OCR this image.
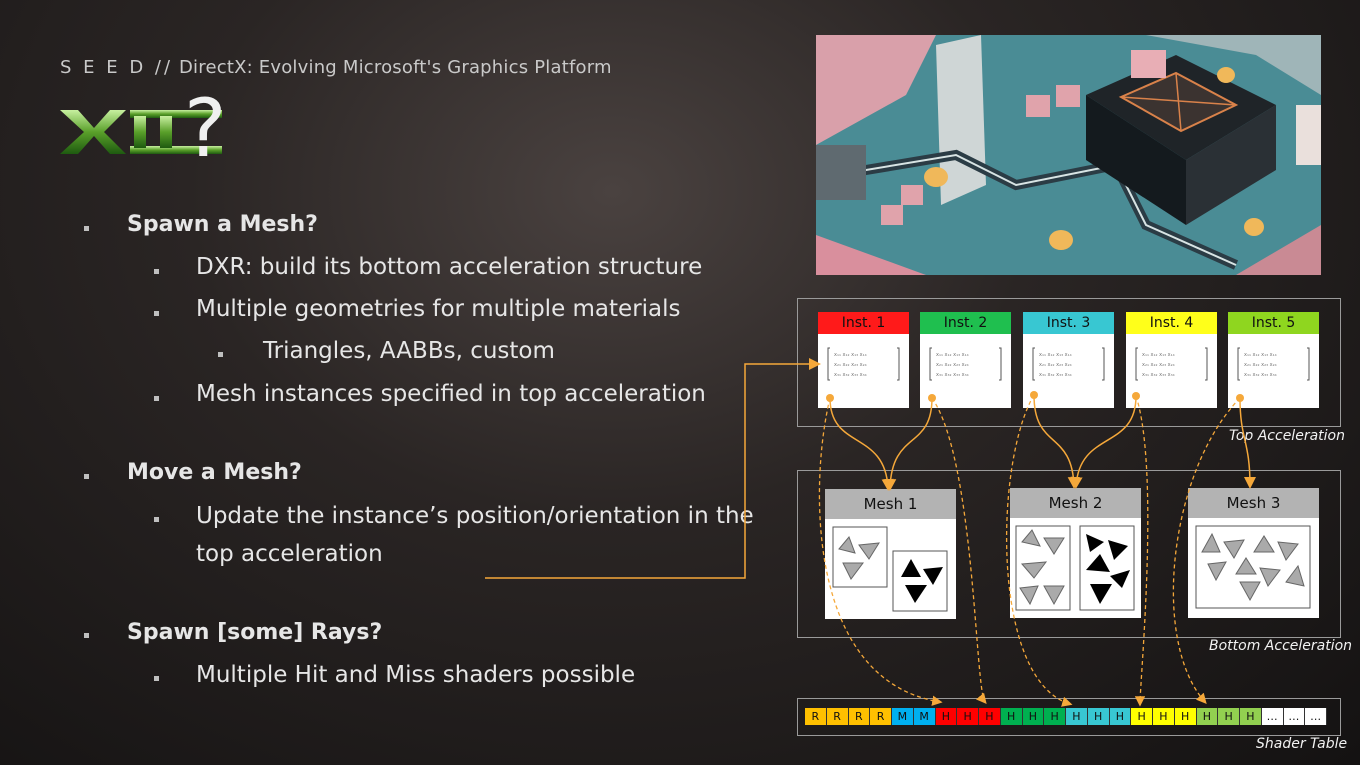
S E E D // DirectX: Evolving Microsoft's Graphics Platform
?
Spawn a Mesh?
DXR: build its bottom acceleration structure
Multiple geometries for multiple materials
Triangles, AABBs, custom
Mesh instances specified in top acceleration
Move a Mesh?
Update the instance’s position/orientation in the
top acceleration
Spawn [some] Rays?
Multiple Hit and Miss shaders possible
Top Acceleration
Inst. 1
x₁₁ x₁₂ x₁₃ x₁₄
x₂₁ x₂₂ x₂₃ x₂₄
x₃₁ x₃₂ x₃₃ x₃₄
Inst. 2
x₁₁ x₁₂ x₁₃ x₁₄
x₂₁ x₂₂ x₂₃ x₂₄
x₃₁ x₃₂ x₃₃ x₃₄
Inst. 3
x₁₁ x₁₂ x₁₃ x₁₄
x₂₁ x₂₂ x₂₃ x₂₄
x₃₁ x₃₂ x₃₃ x₃₄
Inst. 4
x₁₁ x₁₂ x₁₃ x₁₄
x₂₁ x₂₂ x₂₃ x₂₄
x₃₁ x₃₂ x₃₃ x₃₄
Inst. 5
x₁₁ x₁₂ x₁₃ x₁₄
x₂₁ x₂₂ x₂₃ x₂₄
x₃₁ x₃₂ x₃₃ x₃₄
Bottom Acceleration
Mesh 1	Mesh 2	Mesh 3
Shader Table
R	R	R	R	M	M	H	H	H	H	H	H	H	H	H	H	H	H	H	H	H	… … …
